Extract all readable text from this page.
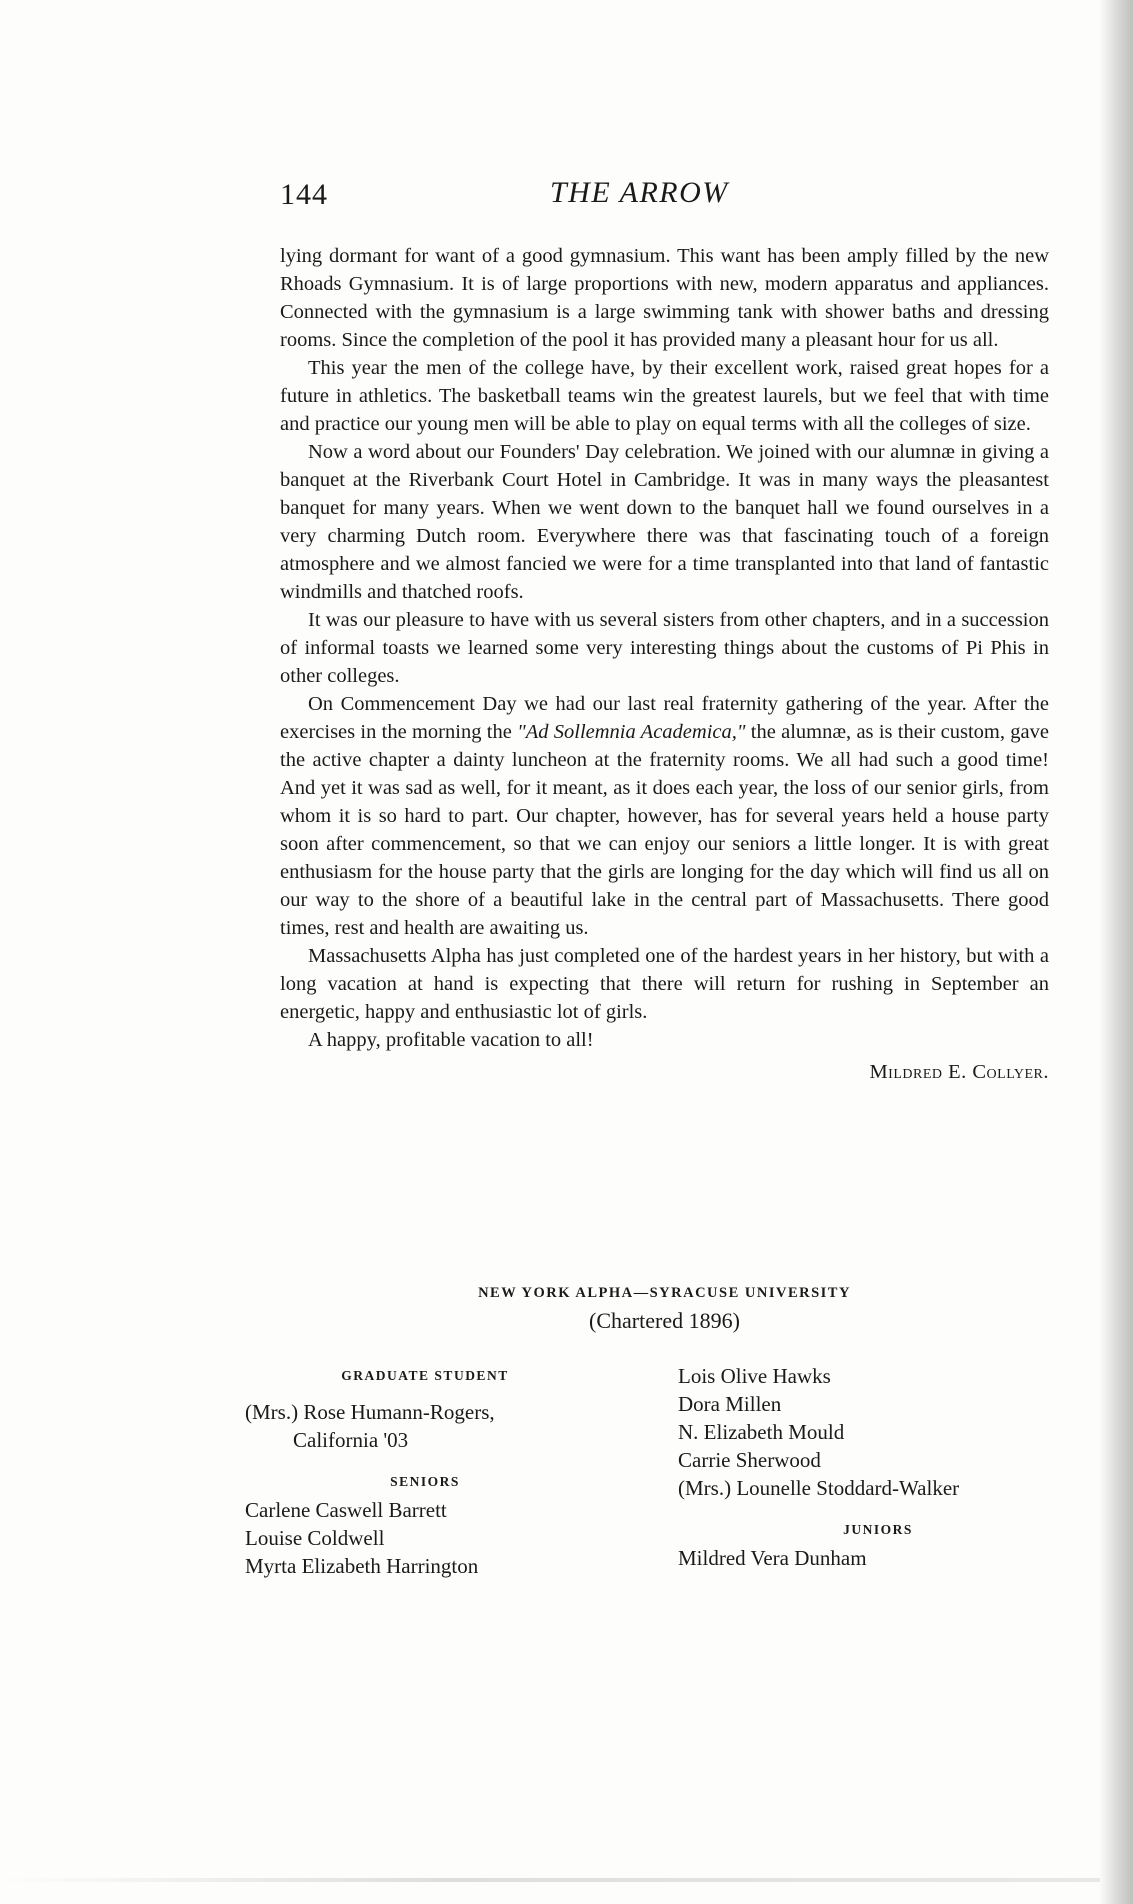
144	THE ARROW

lying dormant for want of a good gymnasium. This want has been amply filled by the new Rhoads Gymnasium. It is of large proportions with new, modern apparatus and appliances. Connected with the gymnasium is a large swimming tank with shower baths and dressing rooms. Since the completion of the pool it has provided many a pleasant hour for us all.

This year the men of the college have, by their excellent work, raised great hopes for a future in athletics. The basketball teams win the greatest laurels, but we feel that with time and practice our young men will be able to play on equal terms with all the colleges of size.

Now a word about our Founders' Day celebration. We joined with our alumnæ in giving a banquet at the Riverbank Court Hotel in Cambridge. It was in many ways the pleasantest banquet for many years. When we went down to the banquet hall we found ourselves in a very charming Dutch room. Everywhere there was that fascinating touch of a foreign atmosphere and we almost fancied we were for a time transplanted into that land of fantastic windmills and thatched roofs.

It was our pleasure to have with us several sisters from other chapters, and in a succession of informal toasts we learned some very interesting things about the customs of Pi Phis in other colleges.

On Commencement Day we had our last real fraternity gathering of the year. After the exercises in the morning the "Ad Sollemnia Academica," the alumnæ, as is their custom, gave the active chapter a dainty luncheon at the fraternity rooms. We all had such a good time! And yet it was sad as well, for it meant, as it does each year, the loss of our senior girls, from whom it is so hard to part. Our chapter, however, has for several years held a house party soon after commencement, so that we can enjoy our seniors a little longer. It is with great enthusiasm for the house party that the girls are longing for the day which will find us all on our way to the shore of a beautiful lake in the central part of Massachusetts. There good times, rest and health are awaiting us.

Massachusetts Alpha has just completed one of the hardest years in her history, but with a long vacation at hand is expecting that there will return for rushing in September an energetic, happy and enthusiastic lot of girls.

A happy, profitable vacation to all!

Mildred E. Collyer.
NEW YORK ALPHA—SYRACUSE UNIVERSITY
(Chartered 1896)
GRADUATE STUDENT
(Mrs.) Rose Humann-Rogers,
California '03
SENIORS
Carlene Caswell Barrett
Louise Coldwell
Myrta Elizabeth Harrington
Lois Olive Hawks
Dora Millen
N. Elizabeth Mould
Carrie Sherwood
(Mrs.) Lounelle Stoddard-Walker
JUNIORS
Mildred Vera Dunham
